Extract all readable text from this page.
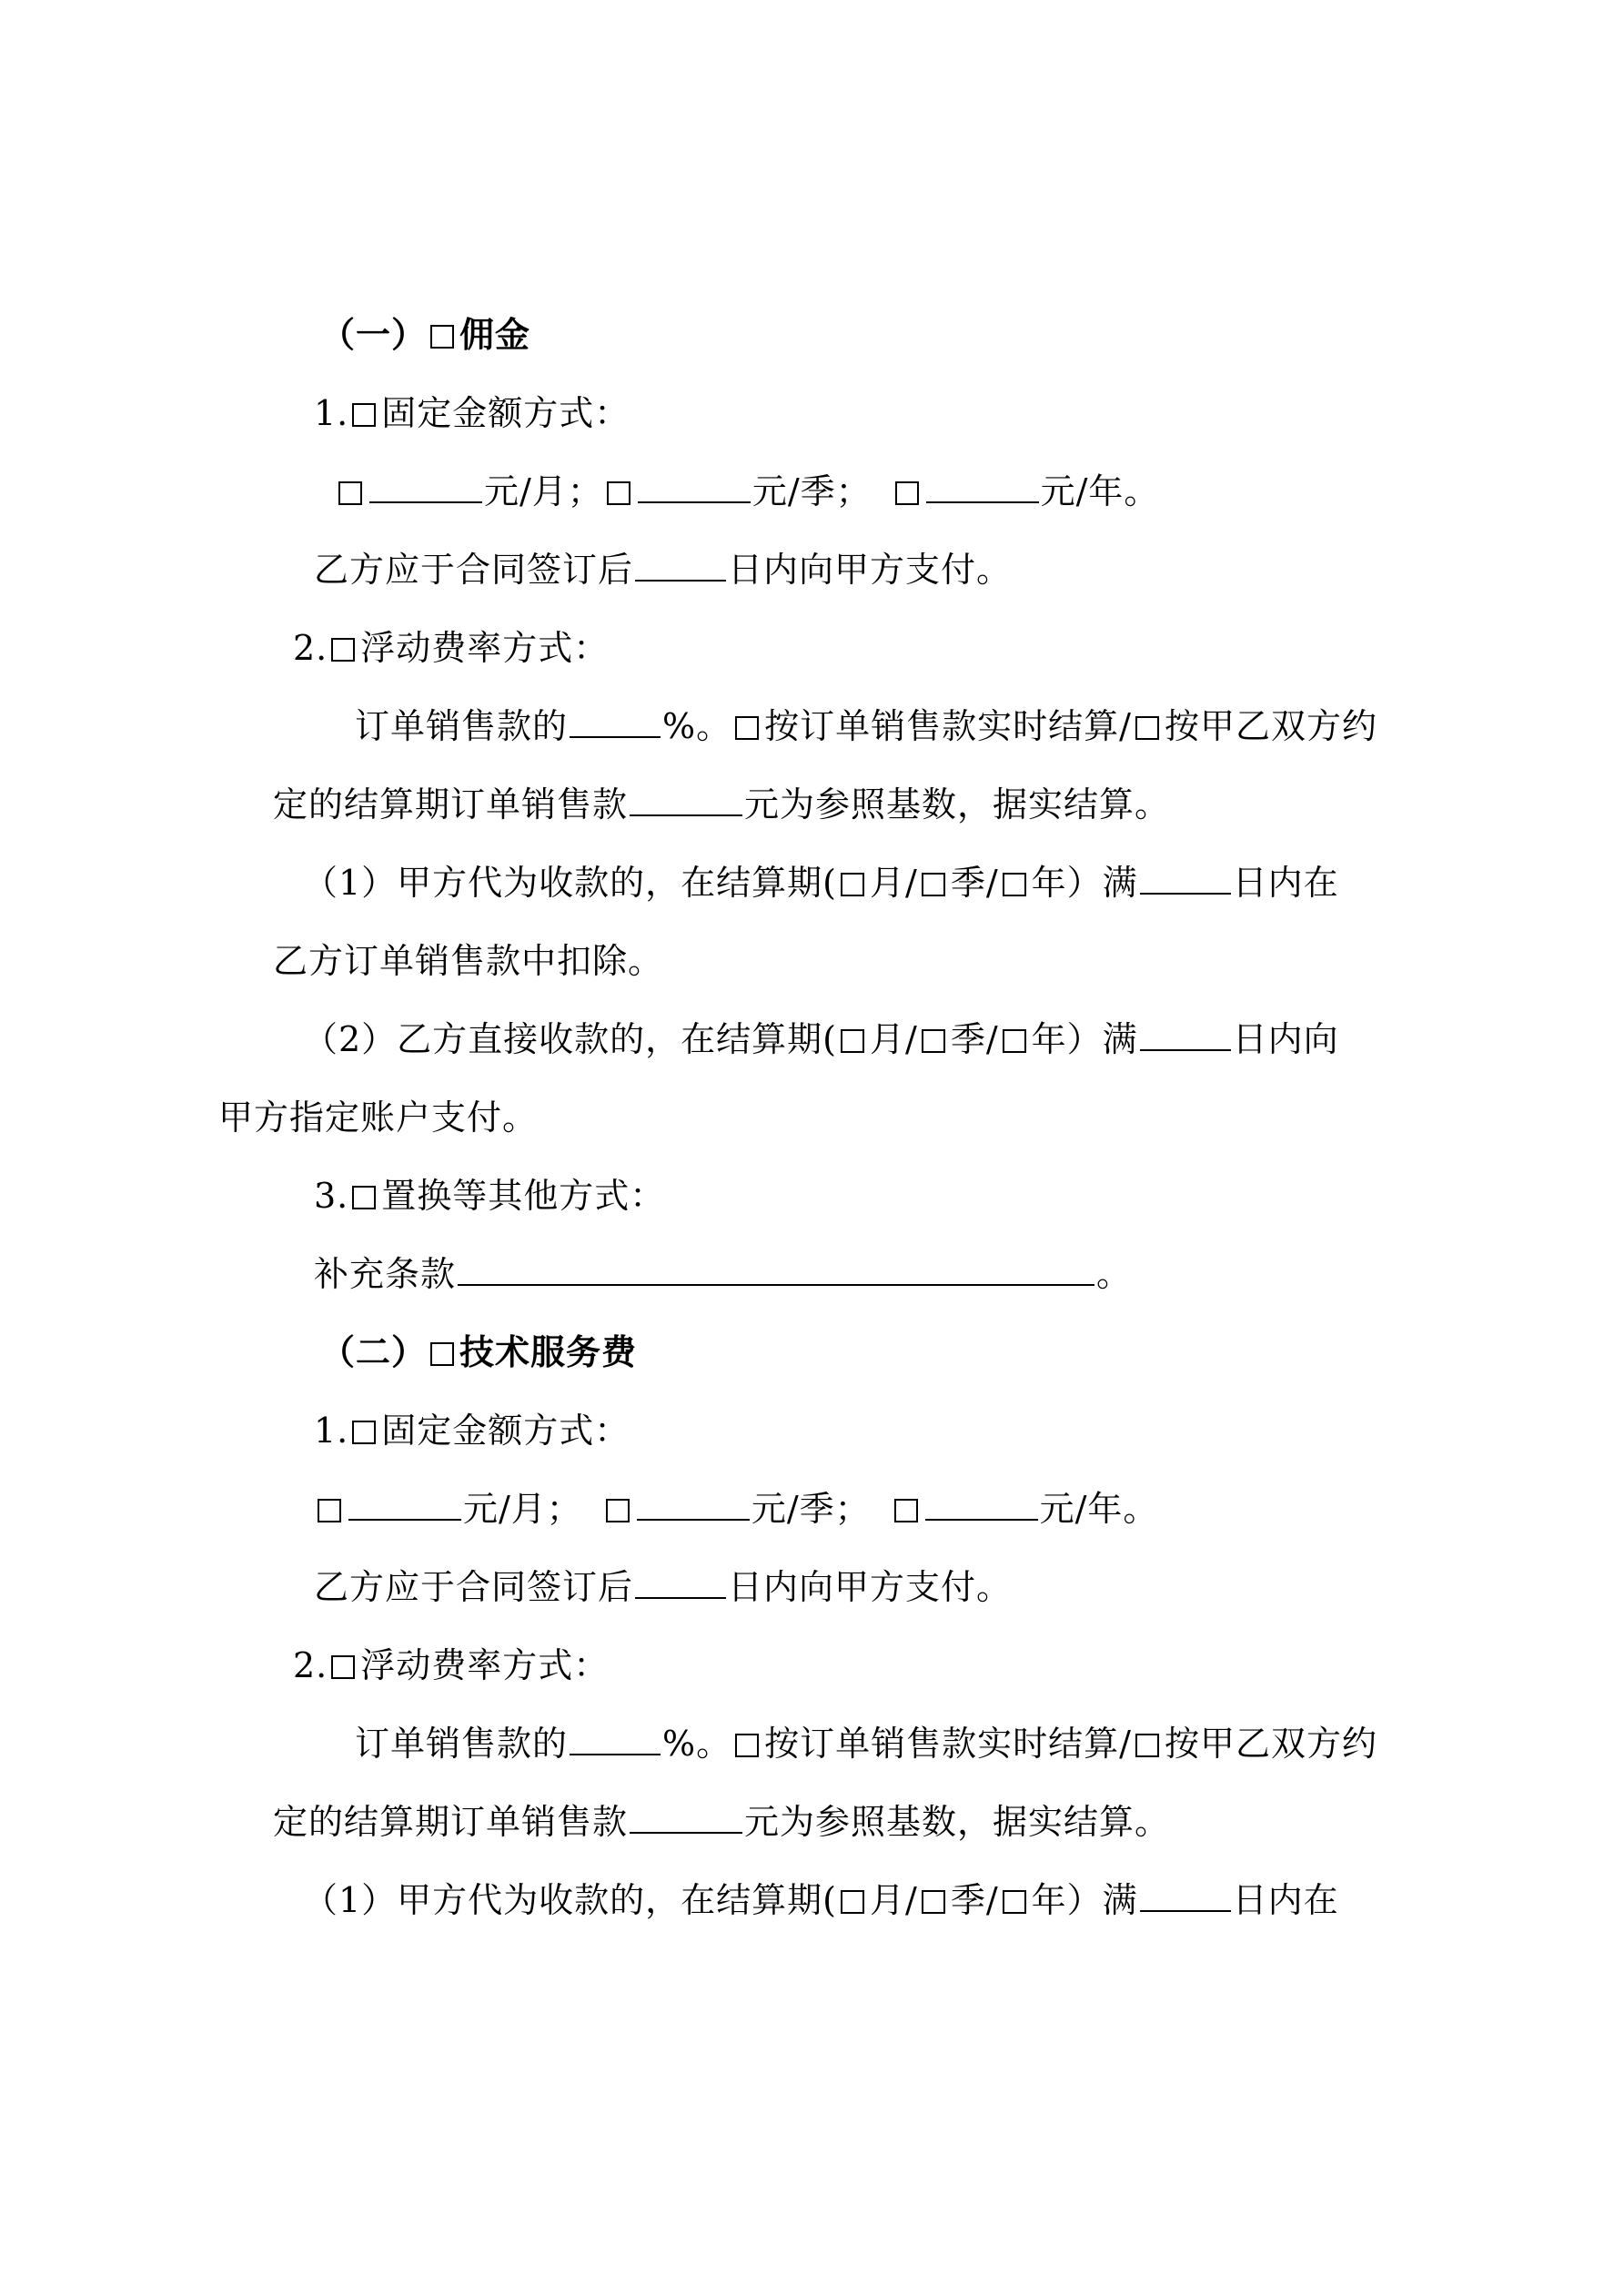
（一） 佣金
1. 固定金额方式：
元/月；	元/季；	元/年。
乙方应于合同签订后	日内向甲方支付。
2. 浮动费率方式：
订单销售款的	%。 按订单销售款实时结算/ 按甲乙双方约
定的结算期订单销售款	元为参照基数，据实结算。
（1）甲方代为收款的，在结算期( 月/ 季/ 年）满	日内在
乙方订单销售款中扣除。
（2）乙方直接收款的，在结算期( 月/ 季/ 年）满	日内向
甲方指定账户支付。
3. 置换等其他方式：
补充条款	。
（二） 技术服务费
1. 固定金额方式：
元/月；	元/季；	元/年。
乙方应于合同签订后	日内向甲方支付。
2. 浮动费率方式：
订单销售款的	%。 按订单销售款实时结算/ 按甲乙双方约
定的结算期订单销售款	元为参照基数，据实结算。
（1）甲方代为收款的，在结算期( 月/ 季/ 年）满	日内在
